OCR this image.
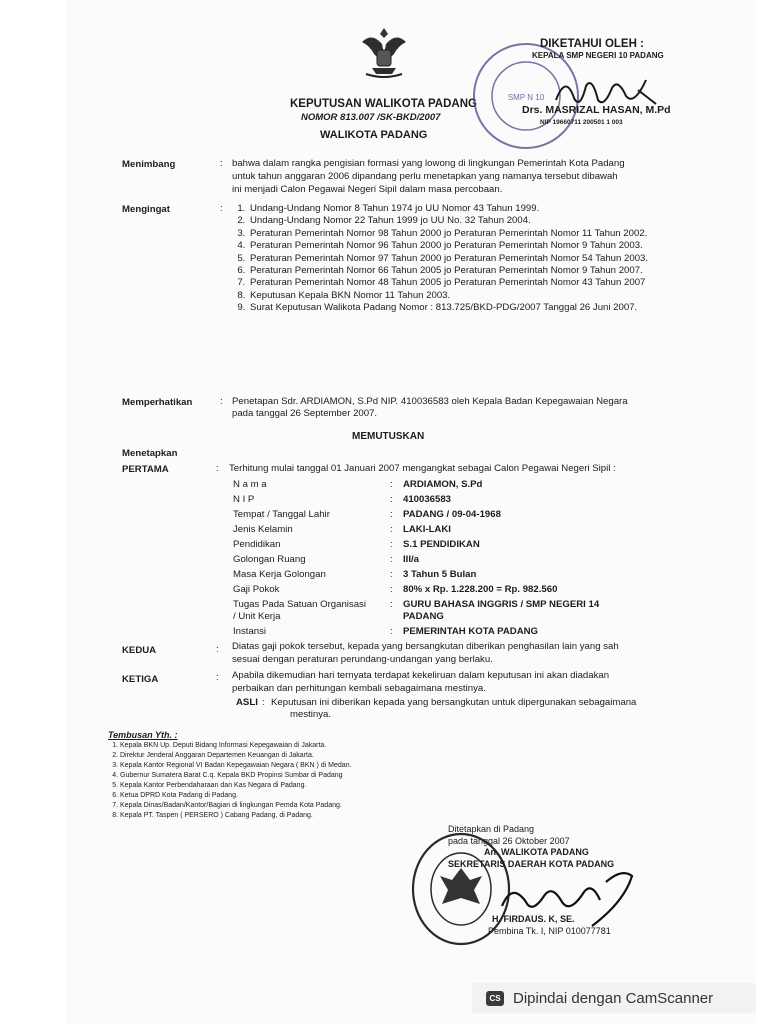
KEPUTUSAN WALIKOTA PADANG
NOMOR 813.007 /SK-BKD/2007
WALIKOTA PADANG
SMP N 10
DIKETAHUI OLEH :
KEPALA SMP NEGERI 10 PADANG
Drs. MASRIZAL HASAN, M.Pd
NIP 19660711 200501 1 003
Menimbang	: bahwa dalam rangka pengisian formasi yang lowong di lingkungan Pemerintah Kota Padang
untuk tahun anggaran 2006 dipandang perlu menetapkan yang namanya tersebut dibawah
ini menjadi Calon Pegawai Negeri Sipil dalam masa percobaan.
Mengingat	:
1.	Undang-Undang Nomor 8 Tahun 1974 jo UU Nomor 43 Tahun 1999.
2. Undang-Undang Nomor 22 Tahun 1999 jo UU No. 32 Tahun 2004.
3. Peraturan Pemerintah Nomor 98 Tahun 2000 jo Peraturan Pemerintah Nomor 11 Tahun 2002.
4. Peraturan Pemerintah Nomor 96 Tahun 2000 jo Peraturan Pemerintah Nomor 9 Tahun 2003.
5. Peraturan Pemerintah Nomor 97 Tahun 2000 jo Peraturan Pemerintah Nomor 54 Tahun 2003.
6. Peraturan Pemerintah Nomor 66 Tahun 2005 jo Peraturan Pemerintah Nomor 9 Tahun 2007.
7. Peraturan Pemerintah Nomor 48 Tahun 2005 jo Peraturan Pemerintah Nomor 43 Tahun 2007
8. Keputusan Kepala BKN Nomor 11 Tahun 2003.
9. Surat Keputusan Walikota Padang Nomor : 813.725/BKD-PDG/2007 Tanggal 26 Juni 2007.
Memperhatikan	: Penetapan Sdr. ARDIAMON, S.Pd NIP. 410036583 oleh Kepala Badan Kepegawaian Negara
pada tanggal 26 September 2007.
MEMUTUSKAN
Menetapkan
PERTAMA	: Terhitung mulai tanggal 01 Januari 2007 mengangkat sebagai Calon Pegawai Negeri Sipil :
N a m a	: ARDIAMON, S.Pd
N I P	: 410036583
Tempat / Tanggal Lahir	: PADANG / 09-04-1968
Jenis Kelamin	: LAKI-LAKI
Pendidikan	: S.1 PENDIDIKAN
Golongan Ruang	: III/a
Masa Kerja Golongan	: 3 Tahun 5 Bulan
Gaji Pokok	: 80% x Rp. 1.228.200 = Rp. 982.560
Tugas Pada Satuan Organisasi
/ Unit Kerja
: GURU BAHASA INGGRIS / SMP NEGERI 14
PADANG
Instansi	: PEMERINTAH KOTA PADANG
KEDUA	: Diatas gaji pokok tersebut, kepada yang bersangkutan diberikan penghasilan lain yang sah
sesuai dengan peraturan perundang-undangan yang berlaku.
KETIGA	: Apabila dikemudian hari ternyata terdapat kekeliruan dalam keputusan ini akan diadakan
perbaikan dan perhitungan kembali sebagaimana mestinya.
ASLI : Keputusan ini diberikan kepada yang bersangkutan untuk dipergunakan sebagaimana
mestinya.
Tembusan Yth. :
1. Kepala BKN Up. Deputi Bidang Informasi Kepegawaian di Jakarta.
2. Direktur Jenderal Anggaran Departemen Keuangan di Jakarta.
3. Kepala Kantor Regional VI Badan Kepegawaian Negara ( BKN ) di Medan.
4. Gubernur Sumatera Barat C.q. Kepala BKD Propinsi Sumbar di Padang
5. Kepala Kantor Perbendaharaan dan Kas Negara di Padang.
6. Ketua DPRD Kota Padang di Padang.
7. Kepala Dinas/Badan/Kantor/Bagian di lingkungan Pemda Kota Padang.
8. Kepala PT. Taspen ( PERSERO ) Cabang Padang, di Padang.
Ditetapkan di Padang
pada tanggal 26 Oktober 2007
An. WALIKOTA PADANG
SEKRETARIS DAERAH KOTA PADANG
H. FIRDAUS. K, SE.
Pembina Tk. I, NIP 010077781
CS Dipindai dengan CamScanner
